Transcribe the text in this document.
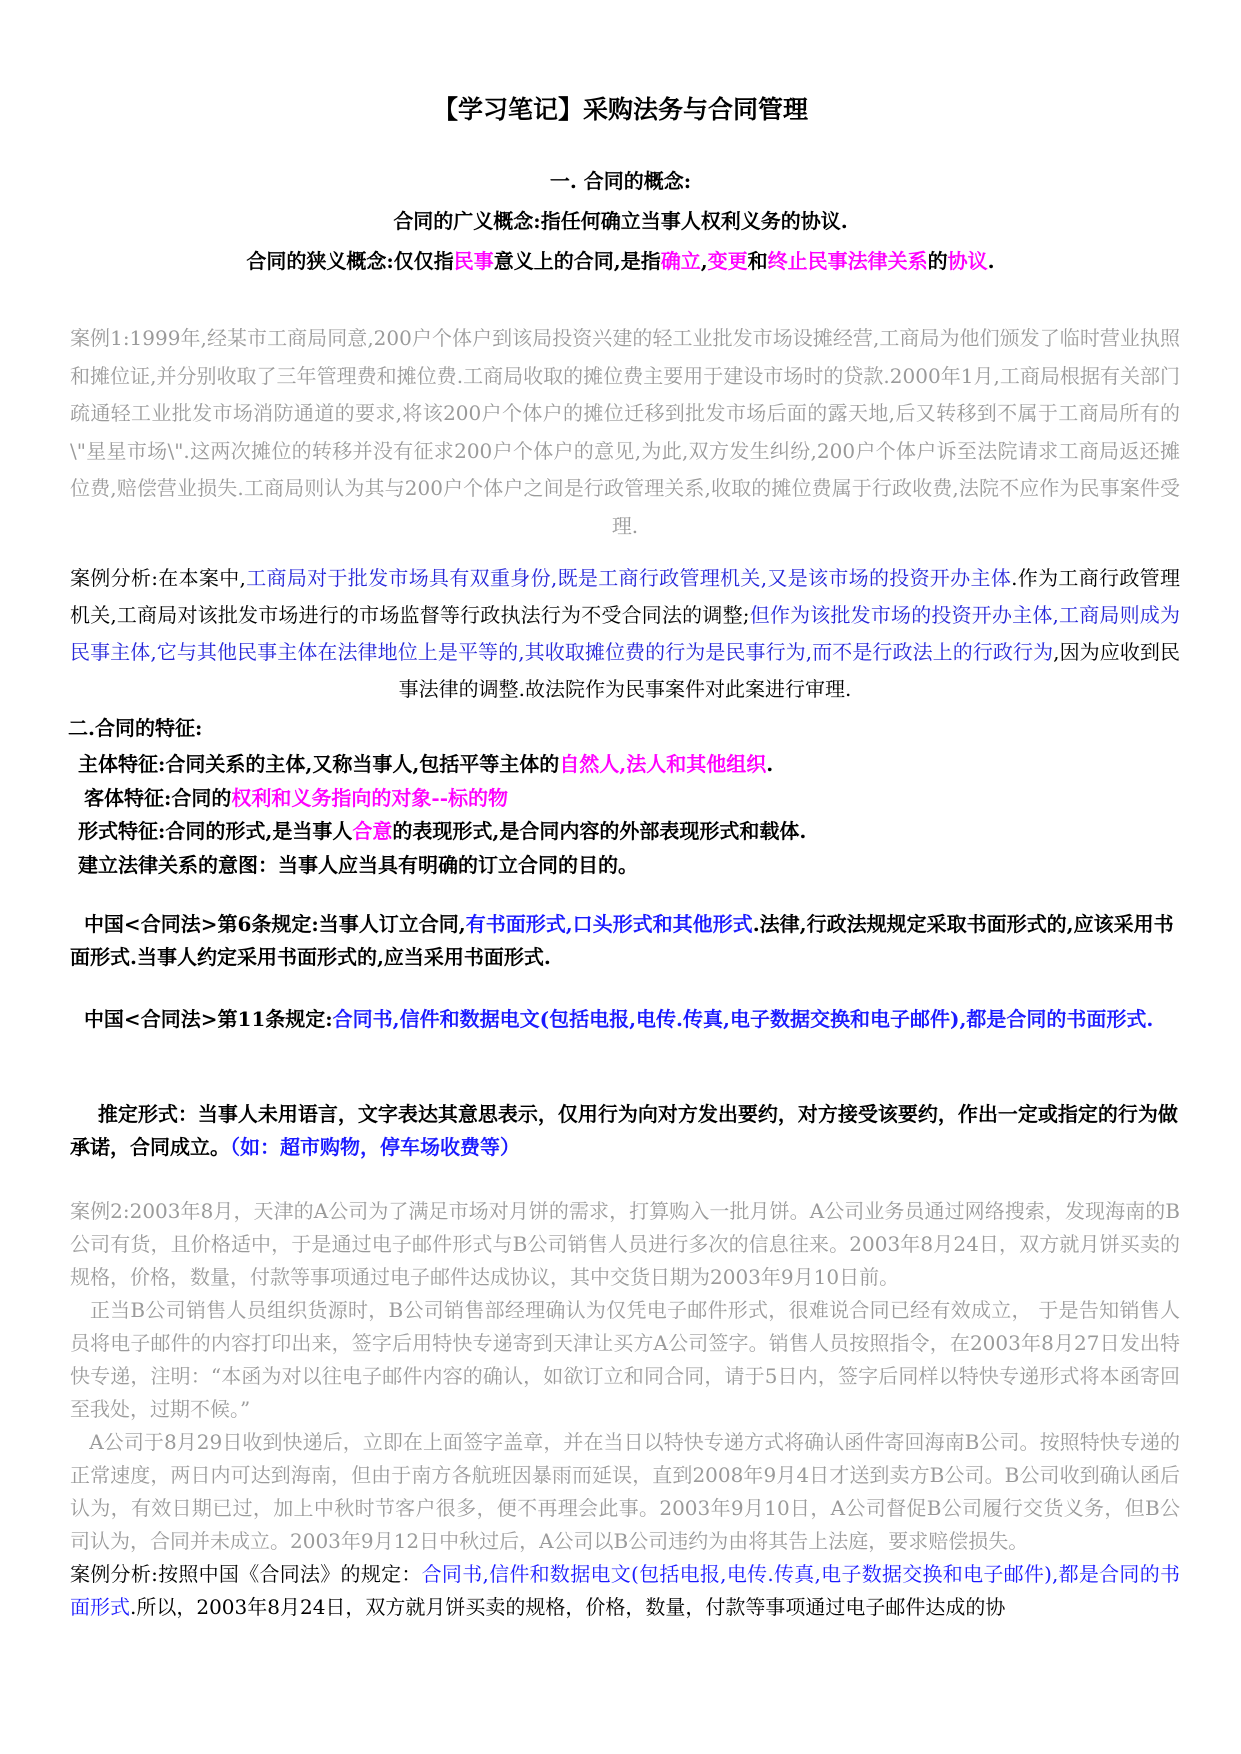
【学习笔记】采购法务与合同管理
一. 合同的概念:
合同的广义概念:指任何确立当事人权利义务的协议.
合同的狭义概念:仅仅指民事意义上的合同,是指确立,变更和终止民事法律关系的协议.
案例1:1999年,经某市工商局同意,200户个体户到该局投资兴建的轻工业批发市场设摊经营,工商局为他们颁发了临时营业执照和摊位证,并分别收取了三年管理费和摊位费.工商局收取的摊位费主要用于建设市场时的贷款.2000年1月,工商局根据有关部门疏通轻工业批发市场消防通道的要求,将该200户个体户的摊位迁移到批发市场后面的露天地,后又转移到不属于工商局所有的\"星星市场\".这两次摊位的转移并没有征求200户个体户的意见,为此,双方发生纠纷,200户个体户诉至法院请求工商局返还摊位费,赔偿营业损失.工商局则认为其与200户个体户之间是行政管理关系,收取的摊位费属于行政收费,法院不应作为民事案件受理.
案例分析:在本案中,工商局对于批发市场具有双重身份,既是工商行政管理机关,又是该市场的投资开办主体.作为工商行政管理机关,工商局对该批发市场进行的市场监督等行政执法行为不受合同法的调整;但作为该批发市场的投资开办主体,工商局则成为民事主体,它与其他民事主体在法律地位上是平等的,其收取摊位费的行为是民事行为,而不是行政法上的行政行为,因为应收到民事法律的调整.故法院作为民事案件对此案进行审理.
二.合同的特征:
主体特征:合同关系的主体,又称当事人,包括平等主体的自然人,法人和其他组织.
客体特征:合同的权利和义务指向的对象--标的物
形式特征:合同的形式,是当事人合意的表现形式,是合同内容的外部表现形式和载体.
建立法律关系的意图：当事人应当具有明确的订立合同的目的。
中国<合同法>第6条规定:当事人订立合同,有书面形式,口头形式和其他形式.法律,行政法规规定采取书面形式的,应该采用书面形式.当事人约定采用书面形式的,应当采用书面形式.
中国<合同法>第11条规定:合同书,信件和数据电文(包括电报,电传.传真,电子数据交换和电子邮件),都是合同的书面形式.
推定形式：当事人未用语言，文字表达其意思表示，仅用行为向对方发出要约，对方接受该要约，作出一定或指定的行为做承诺，合同成立。（如：超市购物，停车场收费等）

案例2:2003年8月，天津的A公司为了满足市场对月饼的需求，打算购入一批月饼。A公司业务员通过网络搜索，发现海南的B公司有货，且价格适中，于是通过电子邮件形式与B公司销售人员进行多次的信息往来。2003年8月24日，双方就月饼买卖的规格，价格，数量，付款等事项通过电子邮件达成协议，其中交货日期为2003年9月10日前。

正当B公司销售人员组织货源时，B公司销售部经理确认为仅凭电子邮件形式，很难说合同已经有效成立， 于是告知销售人员将电子邮件的内容打印出来，签字后用特快专递寄到天津让买方A公司签字。销售人员按照指令，在2003年8月27日发出特快专递，注明：“本函为对以往电子邮件内容的确认，如欲订立和同合同，请于5日内，签字后同样以特快专递形式将本函寄回至我处，过期不候。”

A公司于8月29日收到快递后，立即在上面签字盖章，并在当日以特快专递方式将确认函件寄回海南B公司。按照特快专递的正常速度，两日内可达到海南，但由于南方各航班因暴雨而延误，直到2008年9月4日才送到卖方B公司。B公司收到确认函后认为，有效日期已过，加上中秋时节客户很多，便不再理会此事。2003年9月10日，A公司督促B公司履行交货义务，但B公司认为，合同并未成立。2003年9月12日中秋过后，A公司以B公司违约为由将其告上法庭，要求赔偿损失。

案例分析:按照中国《合同法》的规定：合同书,信件和数据电文(包括电报,电传.传真,电子数据交换和电子邮件),都是合同的书面形式.所以，2003年8月24日，双方就月饼买卖的规格，价格，数量，付款等事项通过电子邮件达成的协
